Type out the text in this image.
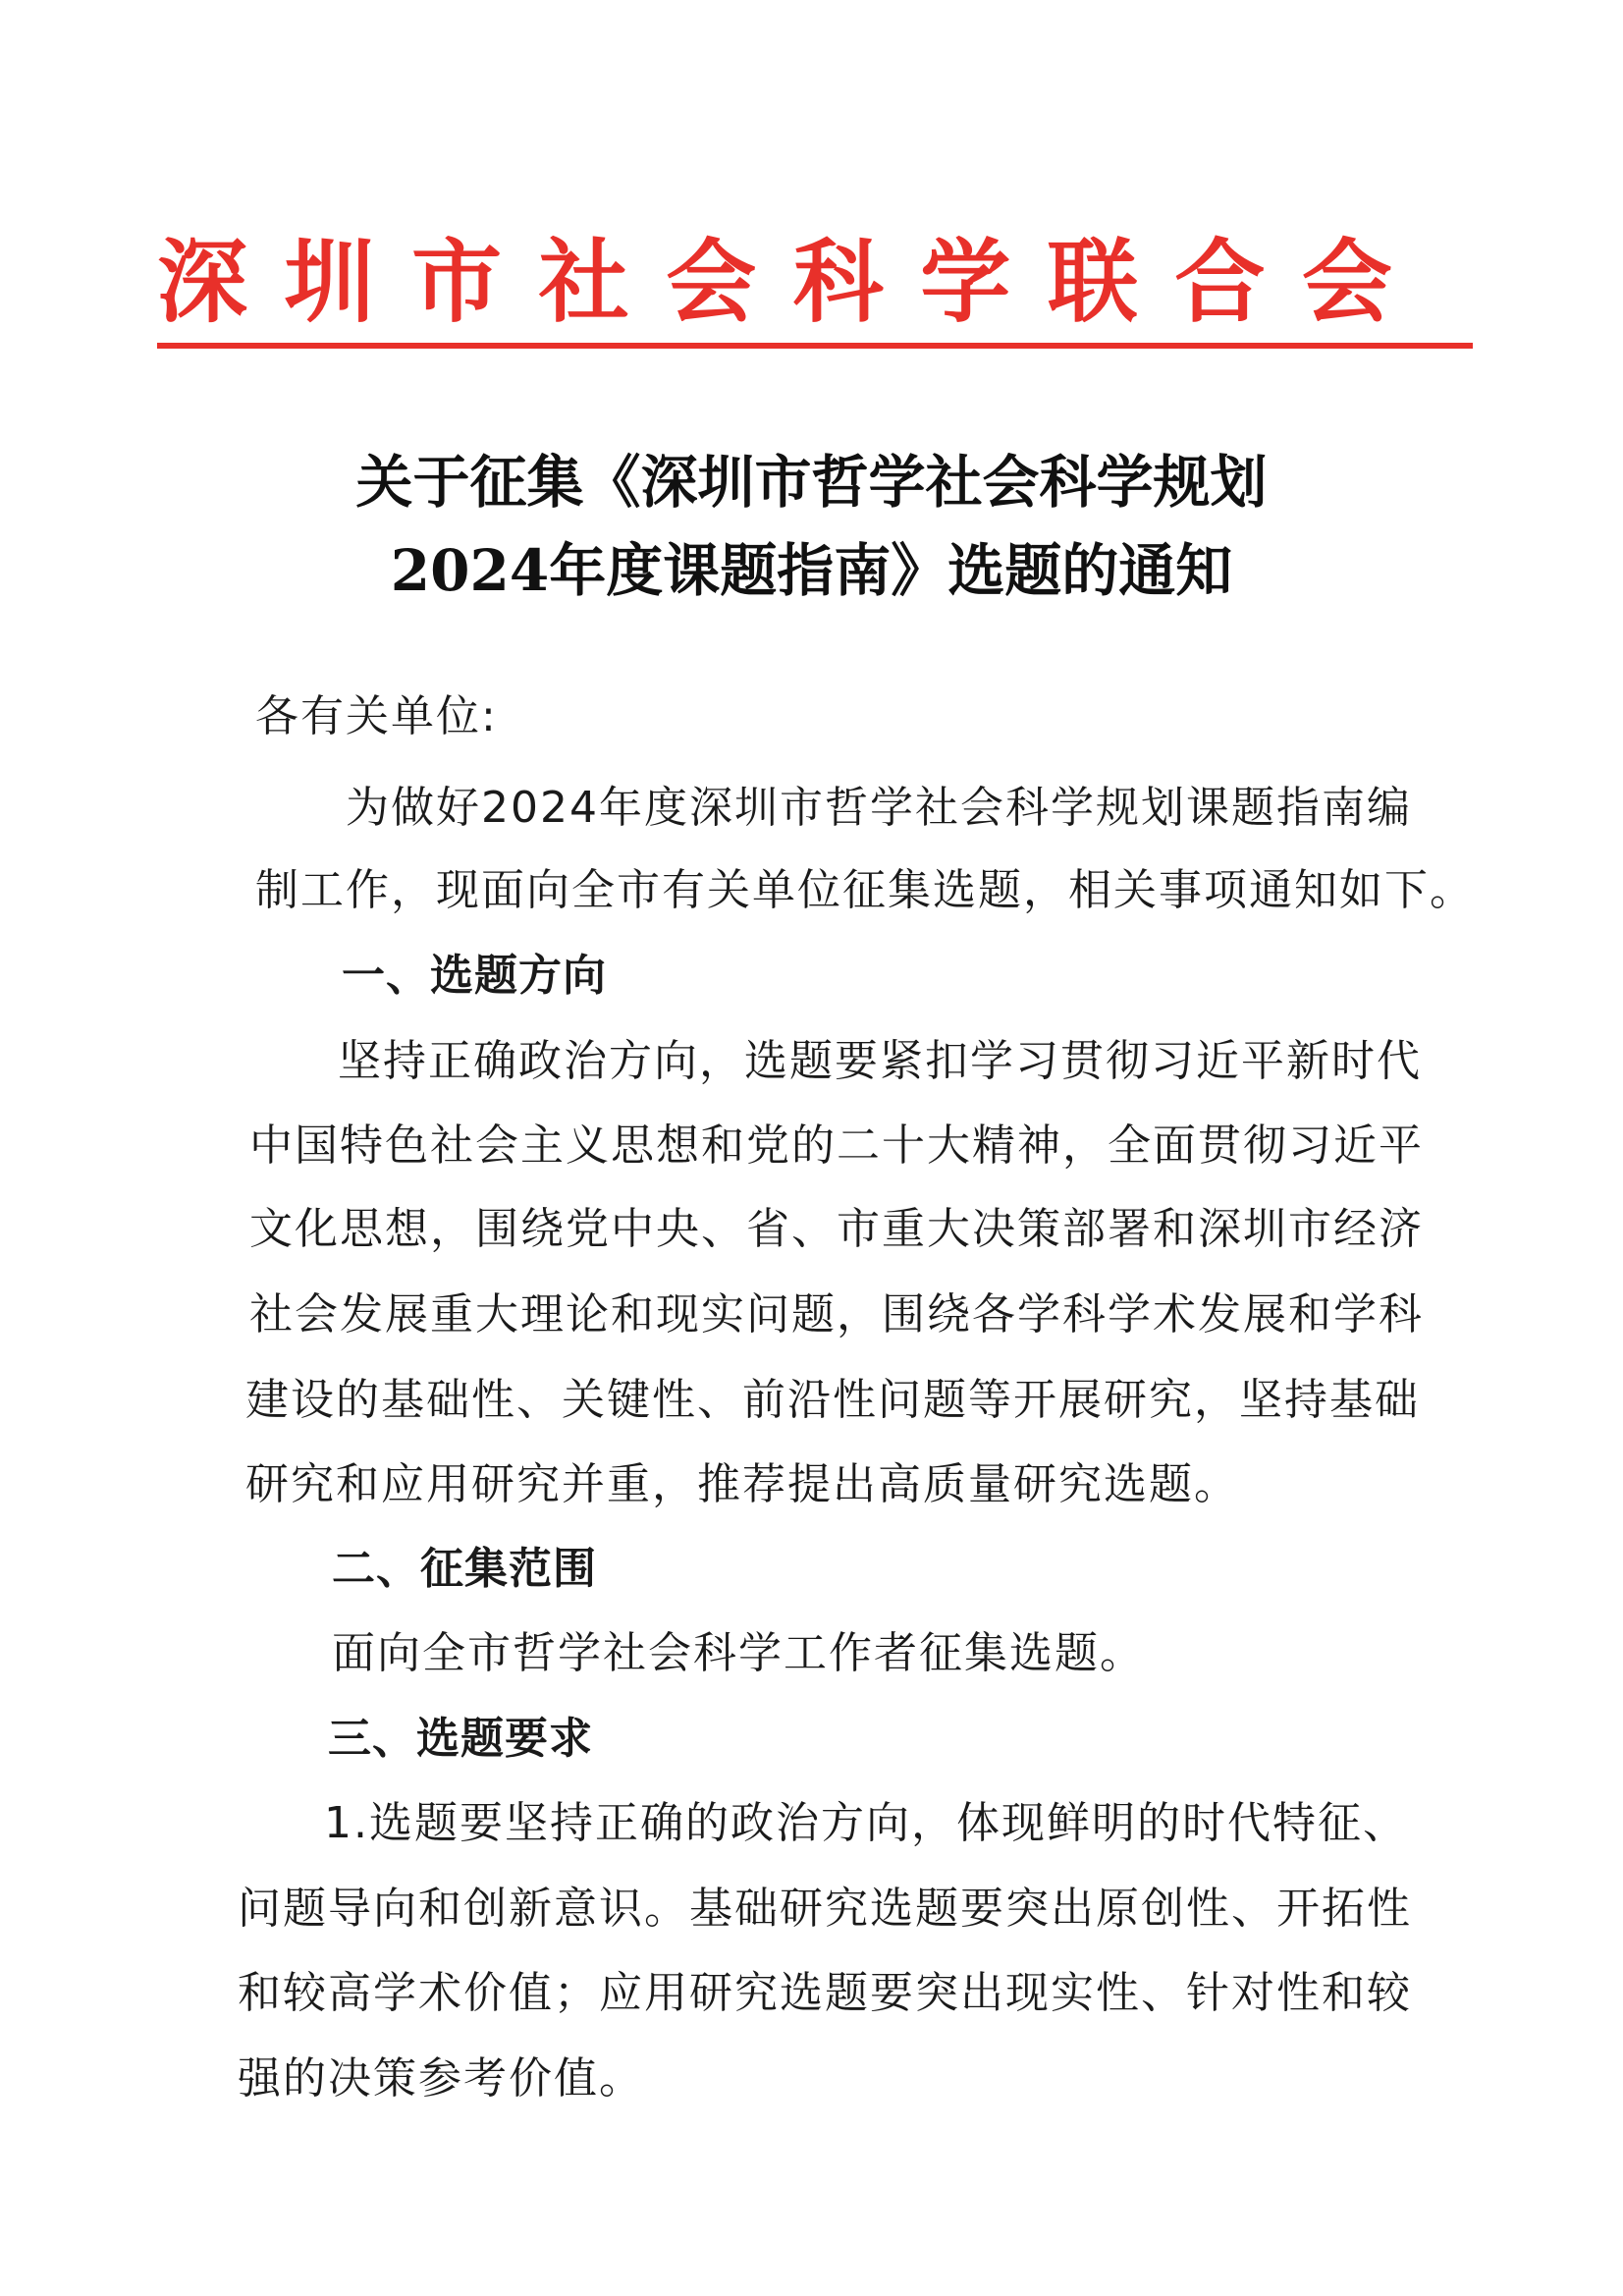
深 圳 市 社 会 科 学 联 合 会
关于征集《深圳市哲学社会科学规划
2024年度课题指南》选题的通知
各有关单位:
为做好2024年度深圳市哲学社会科学规划课题指南编
制工作，现面向全市有关单位征集选题，相关事项通知如下。
一、选题方向
坚持正确政治方向，选题要紧扣学习贯彻习近平新时代
中国特色社会主义思想和党的二十大精神，全面贯彻习近平
文化思想，围绕党中央、省、市重大决策部署和深圳市经济
社会发展重大理论和现实问题，围绕各学科学术发展和学科
建设的基础性、关键性、前沿性问题等开展研究，坚持基础
研究和应用研究并重，推荐提出高质量研究选题。
二、征集范围
面向全市哲学社会科学工作者征集选题。
三、选题要求
1.选题要坚持正确的政治方向，体现鲜明的时代特征、
问题导向和创新意识。基础研究选题要突出原创性、开拓性
和较高学术价值；应用研究选题要突出现实性、针对性和较
强的决策参考价值。
